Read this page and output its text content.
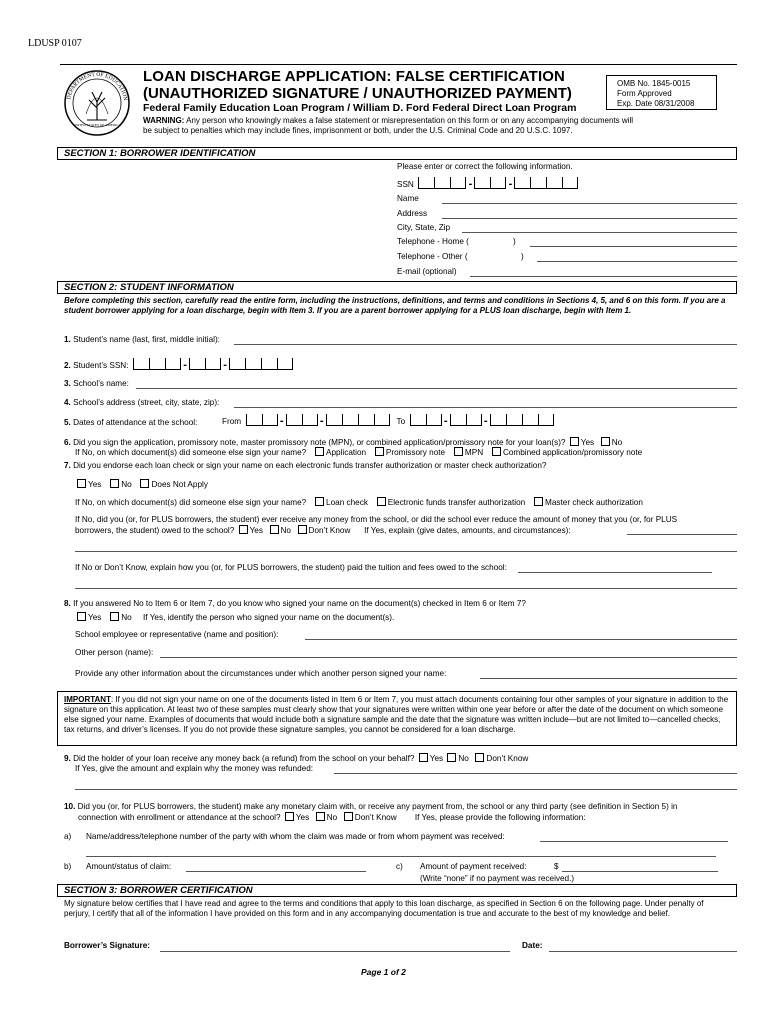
LDUSP 0107
DEPARTMENT OF EDUCATION
UNITED STATES OF AMERICA
LOAN DISCHARGE APPLICATION: FALSE CERTIFICATION
(UNAUTHORIZED SIGNATURE / UNAUTHORIZED PAYMENT)
Federal Family Education Loan Program / William D. Ford Federal Direct Loan Program
OMB No. 1845-0015
Form Approved
Exp. Date 08/31/2008
WARNING: Any person who knowingly makes a false statement or misrepresentation on this form or on any accompanying documents will be subject to penalties which may include fines, imprisonment or both, under the U.S. Criminal Code and 20 U.S.C. 1097.
SECTION 1: BORROWER IDENTIFICATION
Please enter or correct the following information.
SSN	-	-
Name
Address
City, State, Zip
Telephone - Home (	)
Telephone - Other (	)
E-mail (optional)
SECTION 2: STUDENT INFORMATION
Before completing this section, carefully read the entire form, including the instructions, definitions, and terms and conditions in Sections 4, 5, and 6 on this form. If you are a student borrower applying for a loan discharge, begin with Item 3. If you are a parent borrower applying for a PLUS loan discharge, begin with Item 1.
1. Student’s name (last, first, middle initial):
2. Student’s SSN:	-	-
3. School’s name:
4. School’s address (street, city, state, zip):
5. Dates of attendance at the school:	From	-	-	To	-	-
6. Did you sign the application, promissory note, master promissory note (MPN), or combined application/promissory note for your loan(s)? Yes No
If No, on which document(s) did someone else sign your name? Application Promissory note MPN Combined application/promissory note
7. Did you endorse each loan check or sign your name on each electronic funds transfer authorization or master check authorization?
Yes No Does Not Apply
If No, on which document(s) did someone else sign your name? Loan check Electronic funds transfer authorization Master check authorization
If No, did you (or, for PLUS borrowers, the student) ever receive any money from the school, or did the school ever reduce the amount of money that you (or, for PLUS
borrowers, the student) owed to the school? Yes No Don’t Know If Yes, explain (give dates, amounts, and circumstances):
If No or Don’t Know, explain how you (or, for PLUS borrowers, the student) paid the tuition and fees owed to the school:
8. If you answered No to Item 6 or Item 7, do you know who signed your name on the document(s) checked in Item 6 or Item 7?
Yes No If Yes, identify the person who signed your name on the document(s).
School employee or representative (name and position):
Other person (name):
Provide any other information about the circumstances under which another person signed your name:
IMPORTANT: If you did not sign your name on one of the documents listed in Item 6 or Item 7, you must attach documents containing four other samples of your signature in addition to the signature on this application. At least two of these samples must clearly show that your signatures were written within one year before or after the date of the document on which someone else signed your name. Examples of documents that would include both a signature sample and the date that the signature was written include—but are not limited to—cancelled checks, tax returns, and driver’s licenses. If you do not provide these signature samples, you cannot be considered for a loan discharge.
9. Did the holder of your loan receive any money back (a refund) from the school on your behalf? Yes No Don’t Know
If Yes, give the amount and explain why the money was refunded:
10. Did you (or, for PLUS borrowers, the student) make any monetary claim with, or receive any payment from, the school or any third party (see definition in Section 5) in
connection with enrollment or attendance at the school? Yes No Don’t Know If Yes, please provide the following information:
a) Name/address/telephone number of the party with whom the claim was made or from whom payment was received:
b) Amount/status of claim:	c) Amount of payment received:	$
(Write “none” if no payment was received.)
SECTION 3: BORROWER CERTIFICATION
My signature below certifies that I have read and agree to the terms and conditions that apply to this loan discharge, as specified in Section 6 on the following page. Under penalty of perjury, I certify that all of the information I have provided on this form and in any accompanying documentation is true and accurate to the best of my knowledge and belief.
Borrower’s Signature:	Date:
Page 1 of 2
